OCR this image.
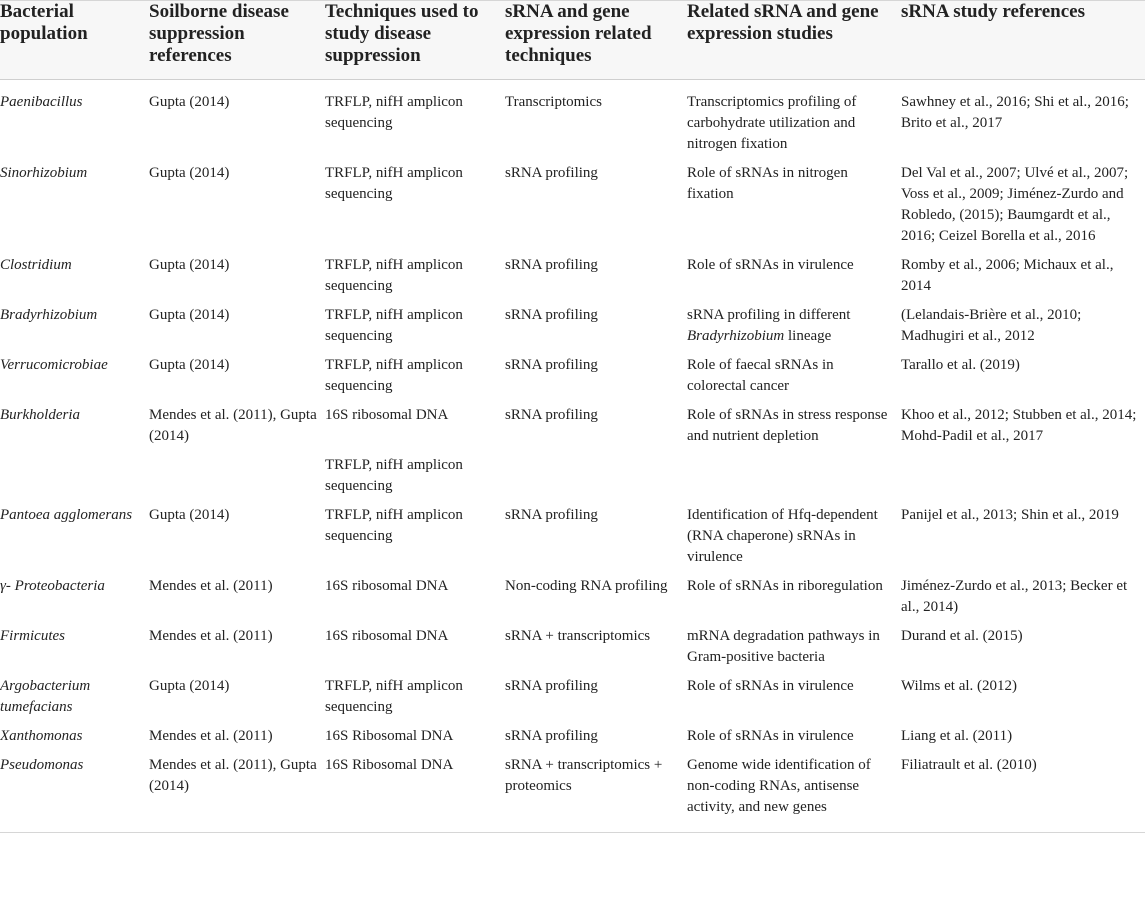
Bacterial population	Soilborne disease suppression references	Techniques used to study disease suppression	sRNA and gene expression related techniques	Related sRNA and gene expression studies	sRNA study references
Paenibacillus	Gupta (2014)	TRFLP, nifH amplicon sequencing	Transcriptomics	Transcriptomics profiling of carbohydrate utilization and nitrogen fixation	Sawhney et al., 2016; Shi et al., 2016; Brito et al., 2017
Sinorhizobium	Gupta (2014)	TRFLP, nifH amplicon sequencing	sRNA profiling	Role of sRNAs in nitrogen fixation	Del Val et al., 2007; Ulvé et al., 2007; Voss et al., 2009; Jiménez-Zurdo and Robledo, (2015); Baumgardt et al., 2016; Ceizel Borella et al., 2016
Clostridium	Gupta (2014)	TRFLP, nifH amplicon sequencing	sRNA profiling	Role of sRNAs in virulence	Romby et al., 2006; Michaux et al., 2014
Bradyrhizobium	Gupta (2014)	TRFLP, nifH amplicon sequencing	sRNA profiling	sRNA profiling in different Bradyrhizobium lineage	(Lelandais-Brière et al., 2010; Madhugiri et al., 2012
Verrucomicrobiae	Gupta (2014)	TRFLP, nifH amplicon sequencing	sRNA profiling	Role of faecal sRNAs in colorectal cancer	Tarallo et al. (2019)
Burkholderia	Mendes et al. (2011), Gupta (2014)	16S ribosomal DNA	sRNA profiling	Role of sRNAs in stress response and nutrient depletion	Khoo et al., 2012; Stubben et al., 2014; Mohd-Padil et al., 2017
		TRFLP, nifH amplicon sequencing			
Pantoea agglomerans	Gupta (2014)	TRFLP, nifH amplicon sequencing	sRNA profiling	Identification of Hfq-dependent (RNA chaperone) sRNAs in virulence	Panijel et al., 2013; Shin et al., 2019
γ- Proteobacteria	Mendes et al. (2011)	16S ribosomal DNA	Non-coding RNA profiling	Role of sRNAs in riboregulation	Jiménez-Zurdo et al., 2013; Becker et al., 2014)
Firmicutes	Mendes et al. (2011)	16S ribosomal DNA	sRNA + transcriptomics	mRNA degradation pathways in Gram-positive bacteria	Durand et al. (2015)
Argobacterium tumefacians	Gupta (2014)	TRFLP, nifH amplicon sequencing	sRNA profiling	Role of sRNAs in virulence	Wilms et al. (2012)
Xanthomonas	Mendes et al. (2011)	16S Ribosomal DNA	sRNA profiling	Role of sRNAs in virulence	Liang et al. (2011)
Pseudomonas	Mendes et al. (2011), Gupta (2014)	16S Ribosomal DNA	sRNA + transcriptomics + proteomics	Genome wide identification of non-coding RNAs, antisense activity, and new genes	Filiatrault et al. (2010)
